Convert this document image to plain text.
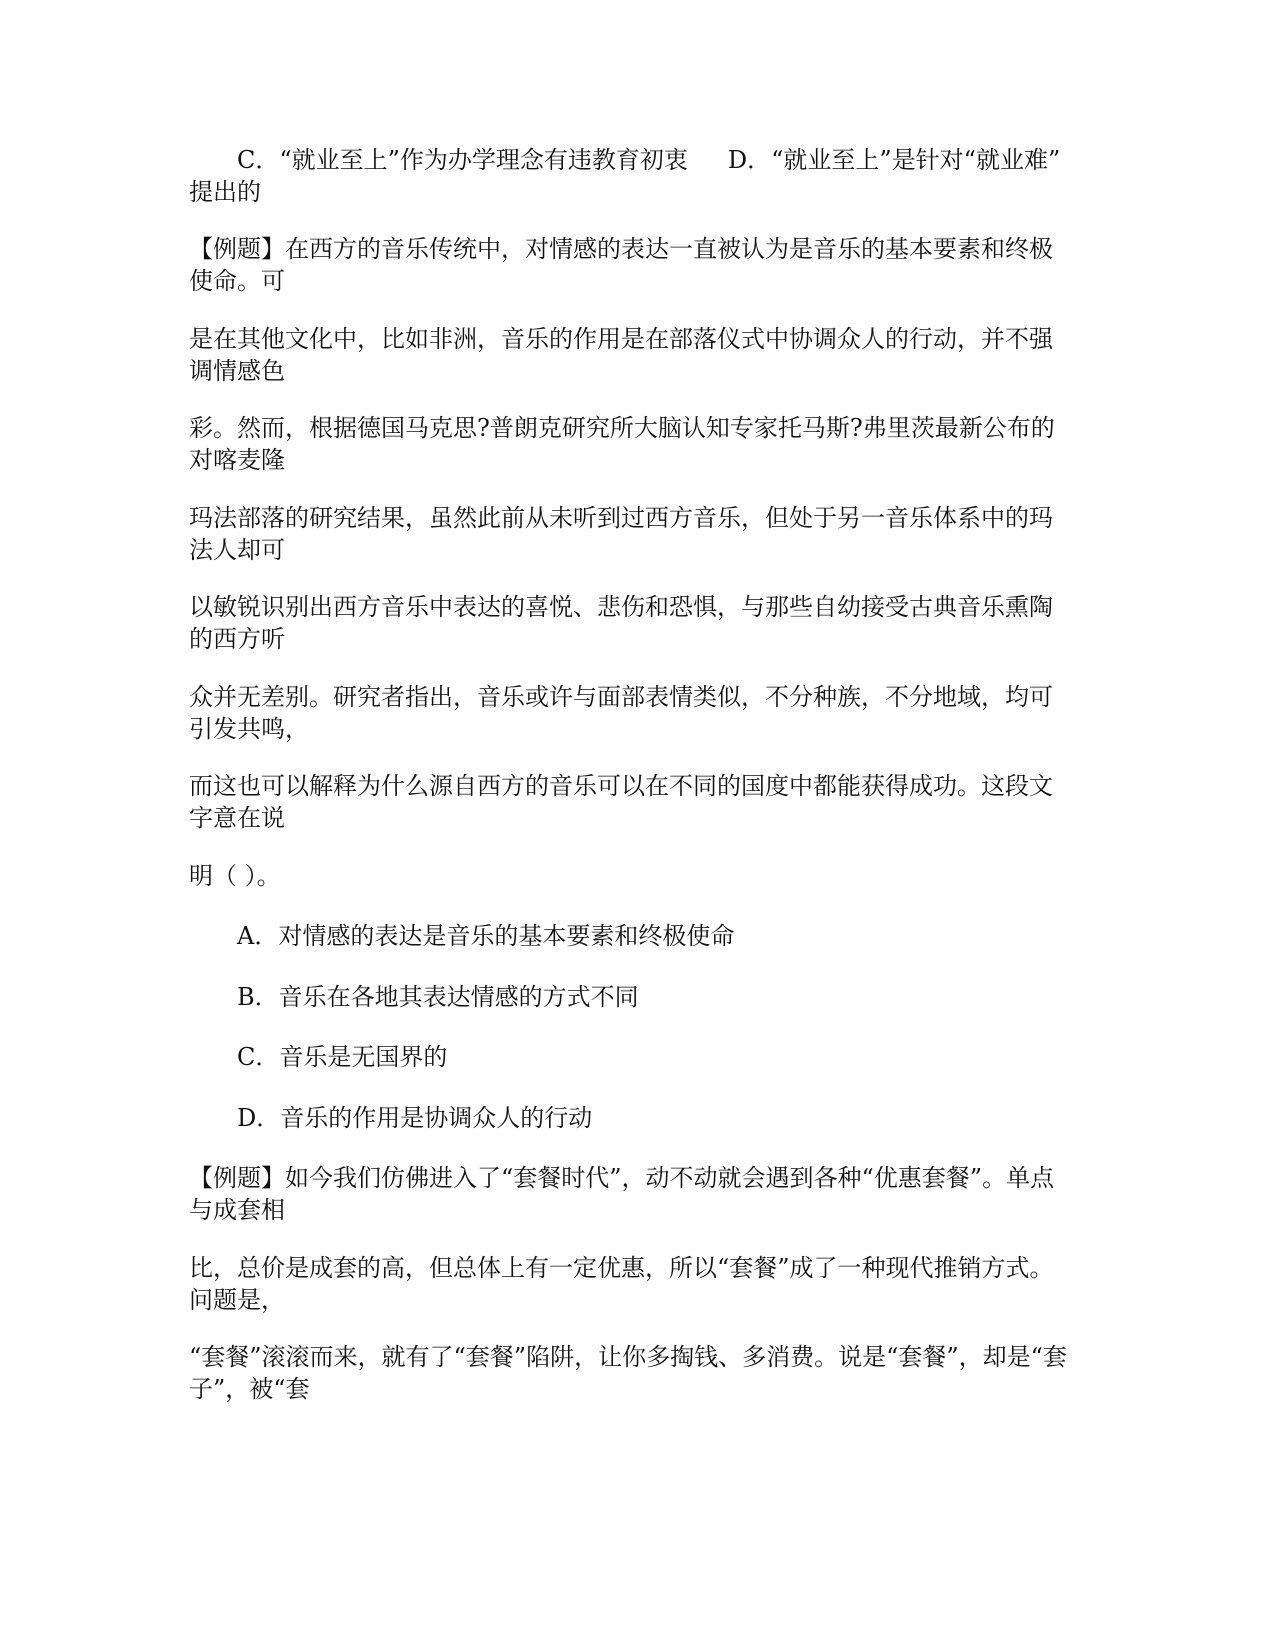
C．“就业至上”作为办学理念有违教育初衷 D．“就业至上”是针对“就业难”
提出的
【例题】在西方的音乐传统中，对情感的表达一直被认为是音乐的基本要素和终极
使命。可
是在其他文化中，比如非洲，音乐的作用是在部落仪式中协调众人的行动，并不强
调情感色
彩。然而，根据德国马克思?普朗克研究所大脑认知专家托马斯?弗里茨最新公布的
对喀麦隆
玛法部落的研究结果，虽然此前从未听到过西方音乐，但处于另一音乐体系中的玛
法人却可
以敏锐识别出西方音乐中表达的喜悦、悲伤和恐惧，与那些自幼接受古典音乐熏陶
的西方听
众并无差别。研究者指出，音乐或许与面部表情类似，不分种族，不分地域，均可
引发共鸣，
而这也可以解释为什么源自西方的音乐可以在不同的国度中都能获得成功。这段文
字意在说
明（ ）。
A．对情感的表达是音乐的基本要素和终极使命
B．音乐在各地其表达情感的方式不同
C．音乐是无国界的
D．音乐的作用是协调众人的行动
【例题】如今我们仿佛进入了“套餐时代”，动不动就会遇到各种“优惠套餐”。单点
与成套相
比，总价是成套的高，但总体上有一定优惠，所以“套餐”成了一种现代推销方式。
问题是，
“套餐”滚滚而来，就有了“套餐”陷阱，让你多掏钱、多消费。说是“套餐”，却是“套
子”，被“套
